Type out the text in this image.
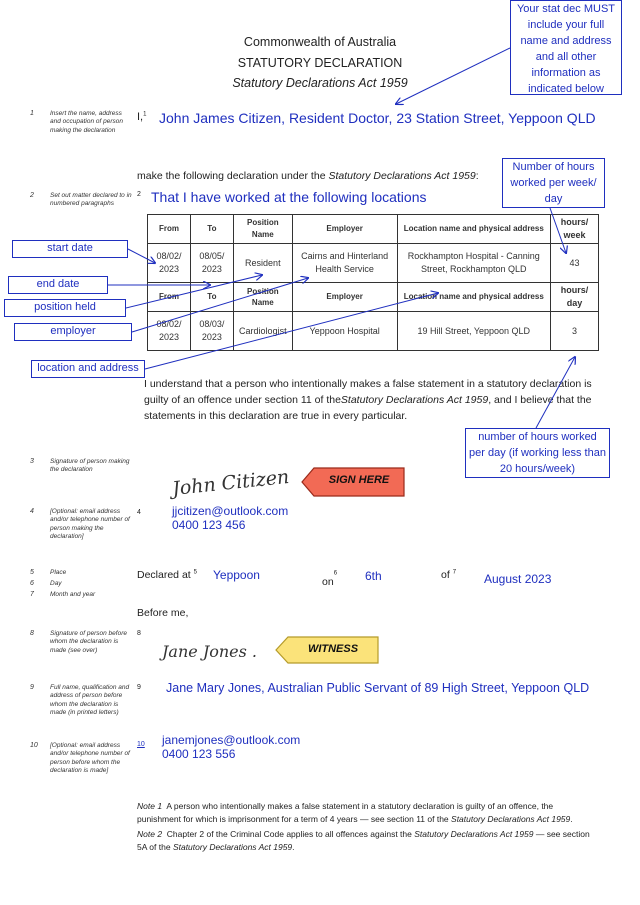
Commonwealth of Australia
STATUTORY DECLARATION
Statutory Declarations Act 1959
Your stat dec MUST include your full name and address and all other information as indicated below
1 Insert the name, address and occupation of person making the declaration
I,$^1$ John James Citizen, Resident Doctor, 23 Station Street, Yeppoon QLD
make the following declaration under the Statutory Declarations Act 1959:
Number of hours worked per week/ day
2 Set out matter declared to in numbered paragraphs
2 That I have worked at the following locations
From	To	Position Name	Employer	Location name and physical address	hours/ week
08/02/ 2023	08/05/ 2023	Resident	Cairns and Hinterland Health Service	Rockhampton Hospital - Canning Street, Rockhampton QLD	43
From	To	Position Name	Employer	Location name and physical address	hours/ day
08/02/ 2023	08/03/ 2023	Cardiologist	Yeppoon Hospital	19 Hill Street, Yeppoon QLD	3
start date
end date
position held
employer
location and address
I understand that a person who intentionally makes a false statement in a statutory declaration is guilty of an offence under section 11 of theStatutory Declarations Act 1959, and I believe that the statements in this declaration are true in every particular.
number of hours worked per day (if working less than 20 hours/week)
3 Signature of person making the declaration	John Citizen	SIGN HERE
4 [Optional: email address and/or telephone number of person making the declaration]
4	jjcitizen@outlook.com
0400 123 456
5 Place
6 Day
7 Month and year
Declared at $^5$ Yeppoon	$on^6$ 6th	of $^7$ August 2023
Before me,
8 Signature of person before whom the declaration is made (see over)
8
Jane Jones .	WITNESS
9 Full name, qualification and address of person before whom the declaration is made (in printed letters)
9 Jane Mary Jones, Australian Public Servant of 89 High Street, Yeppoon QLD
10 [Optional: email address and/or telephone number of person before whom the declaration is made]
10 janemjones@outlook.com
0400 123 556
Note 1 A person who intentionally makes a false statement in a statutory declaration is guilty of an offence, the punishment for which is imprisonment for a term of 4 years — see section 11 of the Statutory Declarations Act 1959.
Note 2 Chapter 2 of the Criminal Code applies to all offences against the Statutory Declarations Act 1959 — see section 5A of the Statutory Declarations Act 1959.
